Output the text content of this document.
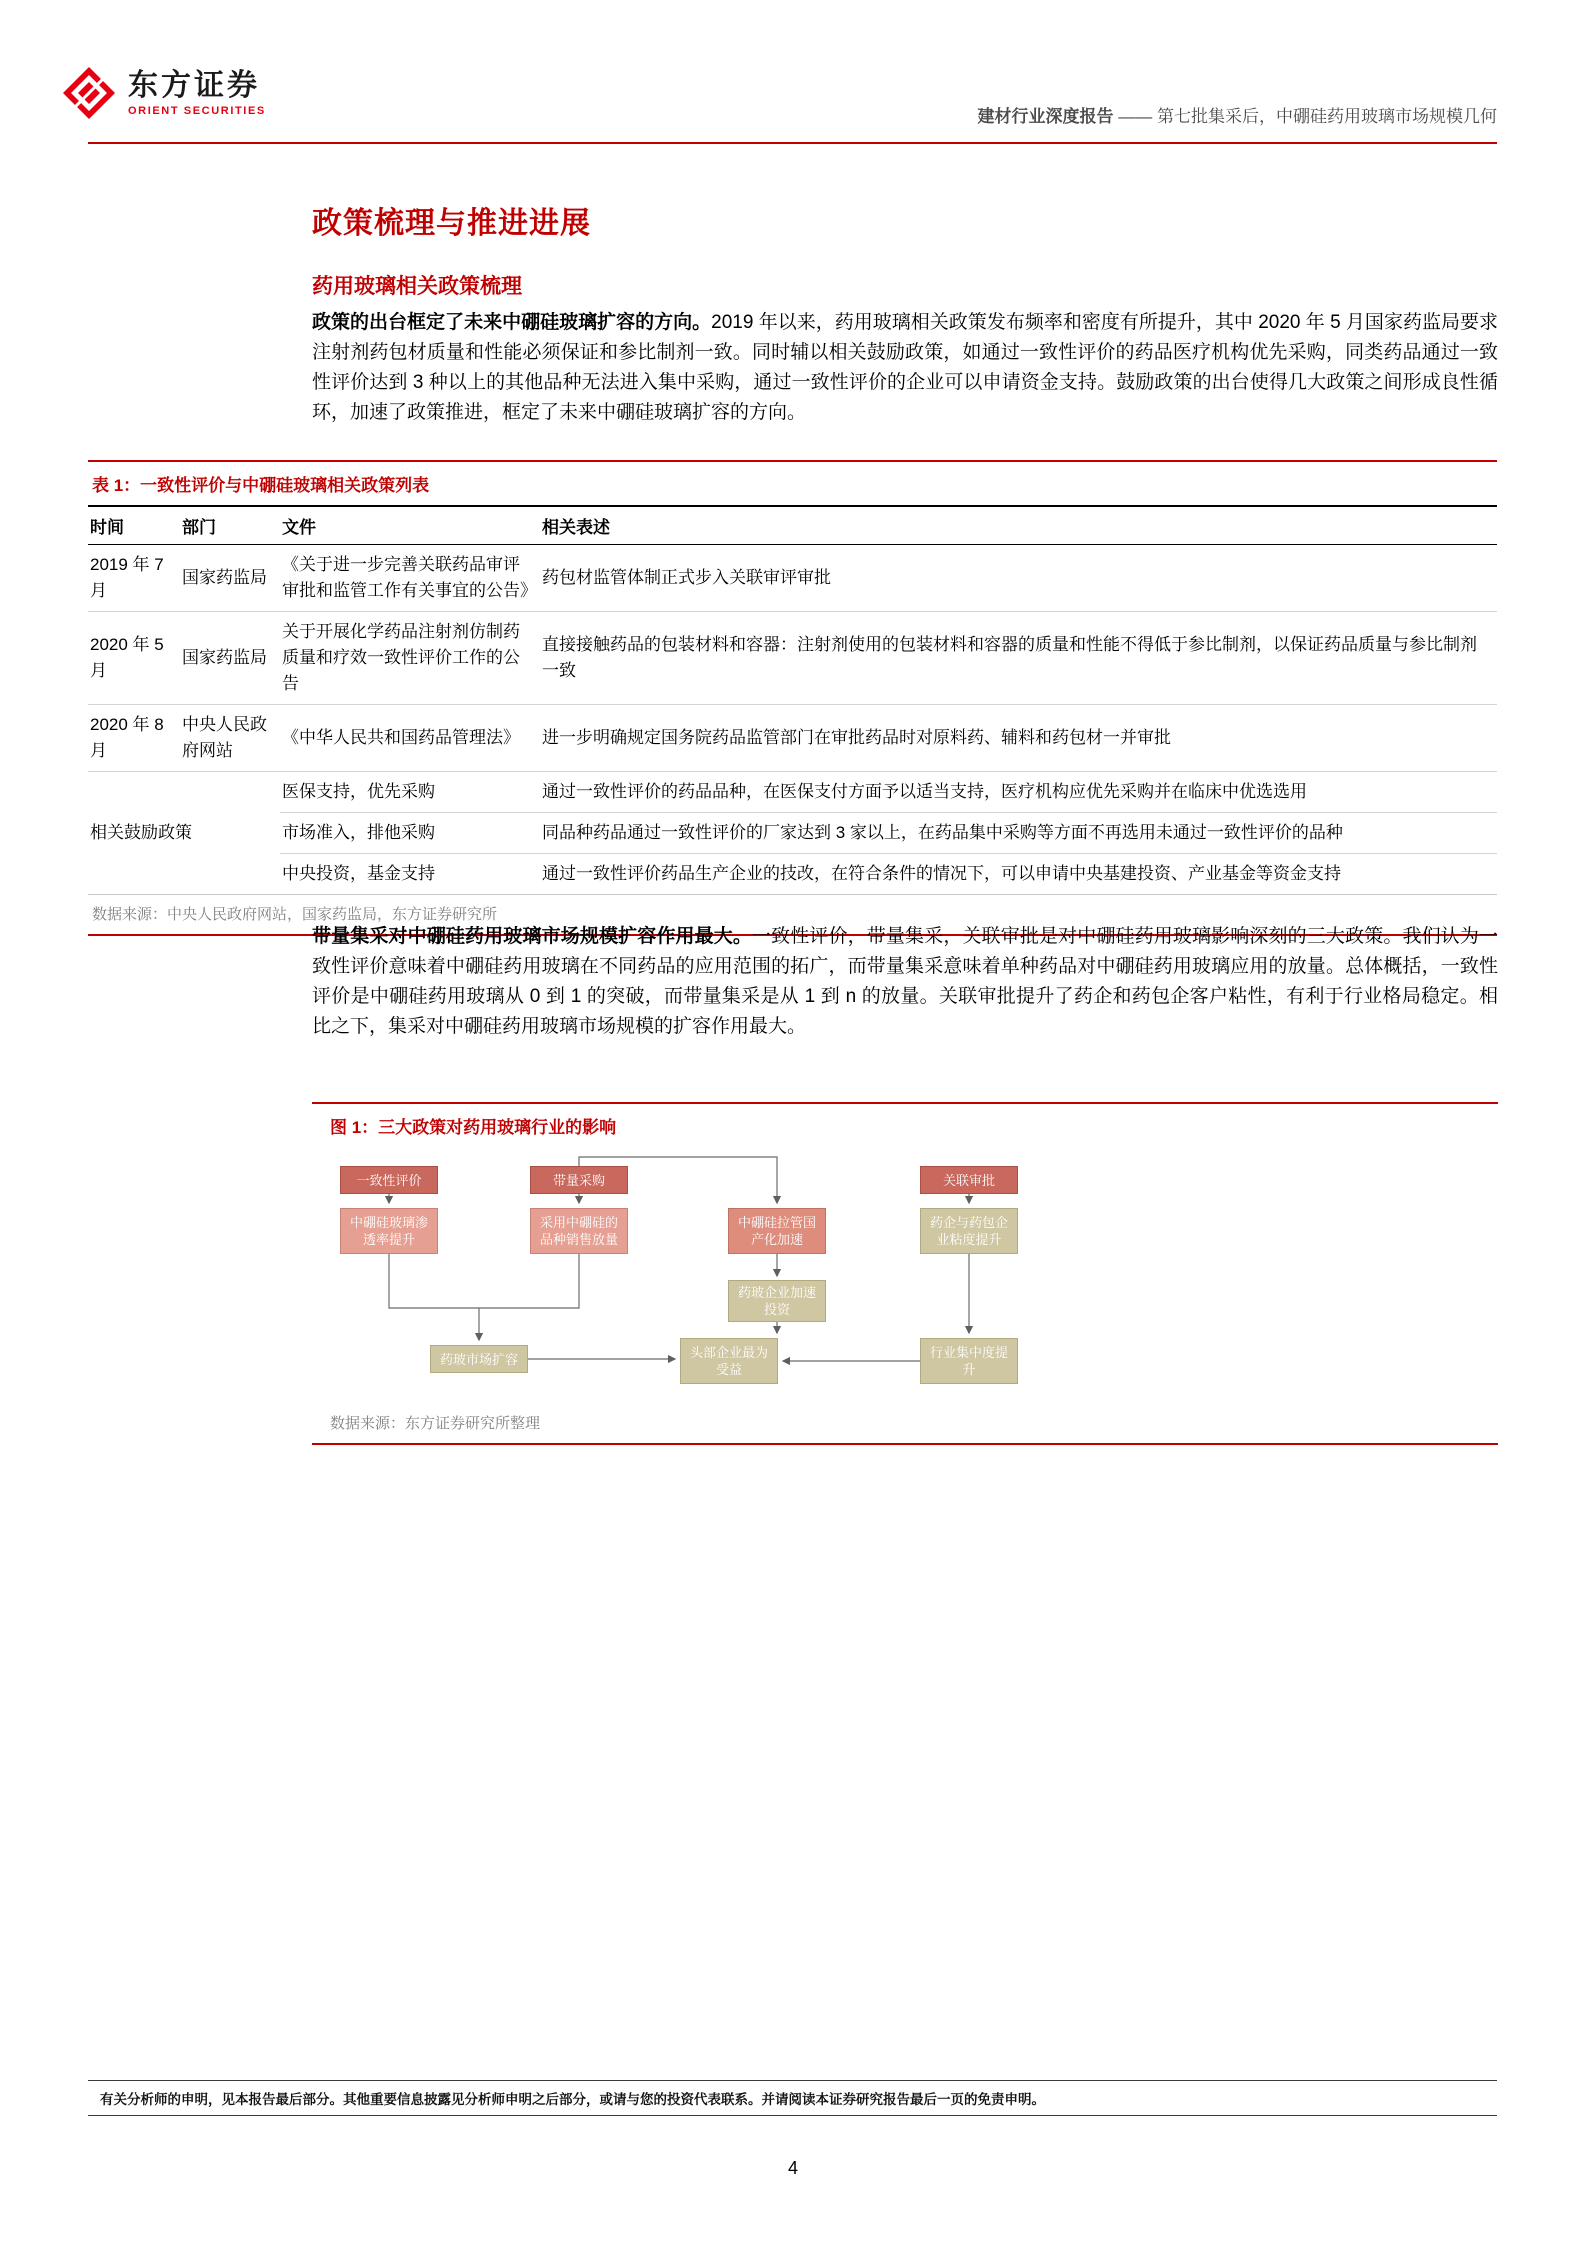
东方证券
ORIENT SECURITIES	建材行业深度报告 —— 第七批集采后，中硼硅药用玻璃市场规模几何
政策梳理与推进进展
药用玻璃相关政策梳理
政策的出台框定了未来中硼硅玻璃扩容的方向。2019 年以来，药用玻璃相关政策发布频率和密度有所提升，其中 2020 年 5 月国家药监局要求注射剂药包材质量和性能必须保证和参比制剂一致。同时辅以相关鼓励政策，如通过一致性评价的药品医疗机构优先采购，同类药品通过一致性评价达到 3 种以上的其他品种无法进入集中采购，通过一致性评价的企业可以申请资金支持。鼓励政策的出台使得几大政策之间形成良性循环，加速了政策推进，框定了未来中硼硅玻璃扩容的方向。
表 1：一致性评价与中硼硅玻璃相关政策列表
时间	部门	文件	相关表述
2019 年 7 月	国家药监局	《关于进一步完善关联药品审评审批和监管工作有关事宜的公告》	药包材监管体制正式步入关联审评审批
2020 年 5 月	国家药监局	关于开展化学药品注射剂仿制药质量和疗效一致性评价工作的公告	直接接触药品的包装材料和容器：注射剂使用的包装材料和容器的质量和性能不得低于参比制剂，以保证药品质量与参比制剂一致
2020 年 8 月	中央人民政府网站	《中华人民共和国药品管理法》	进一步明确规定国务院药品监管部门在审批药品时对原料药、辅料和药包材一并审批
相关鼓励政策		医保支持，优先采购	通过一致性评价的药品品种，在医保支付方面予以适当支持，医疗机构应优先采购并在临床中优选选用
		市场准入，排他采购	同品种药品通过一致性评价的厂家达到 3 家以上，在药品集中采购等方面不再选用未通过一致性评价的品种
		中央投资，基金支持	通过一致性评价药品生产企业的技改，在符合条件的情况下，可以申请中央基建投资、产业基金等资金支持
数据来源：中央人民政府网站，国家药监局，东方证券研究所
带量集采对中硼硅药用玻璃市场规模扩容作用最大。一致性评价，带量集采，关联审批是对中硼硅药用玻璃影响深刻的三大政策。我们认为一致性评价意味着中硼硅药用玻璃在不同药品的应用范围的拓广，而带量集采意味着单种药品对中硼硅药用玻璃应用的放量。总体概括，一致性评价是中硼硅药用玻璃从 0 到 1 的突破，而带量集采是从 1 到 n 的放量。关联审批提升了药企和药包企客户粘性，有利于行业格局稳定。相比之下，集采对中硼硅药用玻璃市场规模的扩容作用最大。
图 1：三大政策对药用玻璃行业的影响
一致性评价	带量采购	关联审批
中硼硅玻璃渗透率提升
采用中硼硅的品种销售放量
中硼硅拉管国产化加速
药企与药包企业粘度提升
药玻企业加速投资
药玻市场扩容	头部企业最为受益
行业集中度提升
数据来源：东方证券研究所整理
有关分析师的申明，见本报告最后部分。其他重要信息披露见分析师申明之后部分，或请与您的投资代表联系。并请阅读本证券研究报告最后一页的免责申明。
4
